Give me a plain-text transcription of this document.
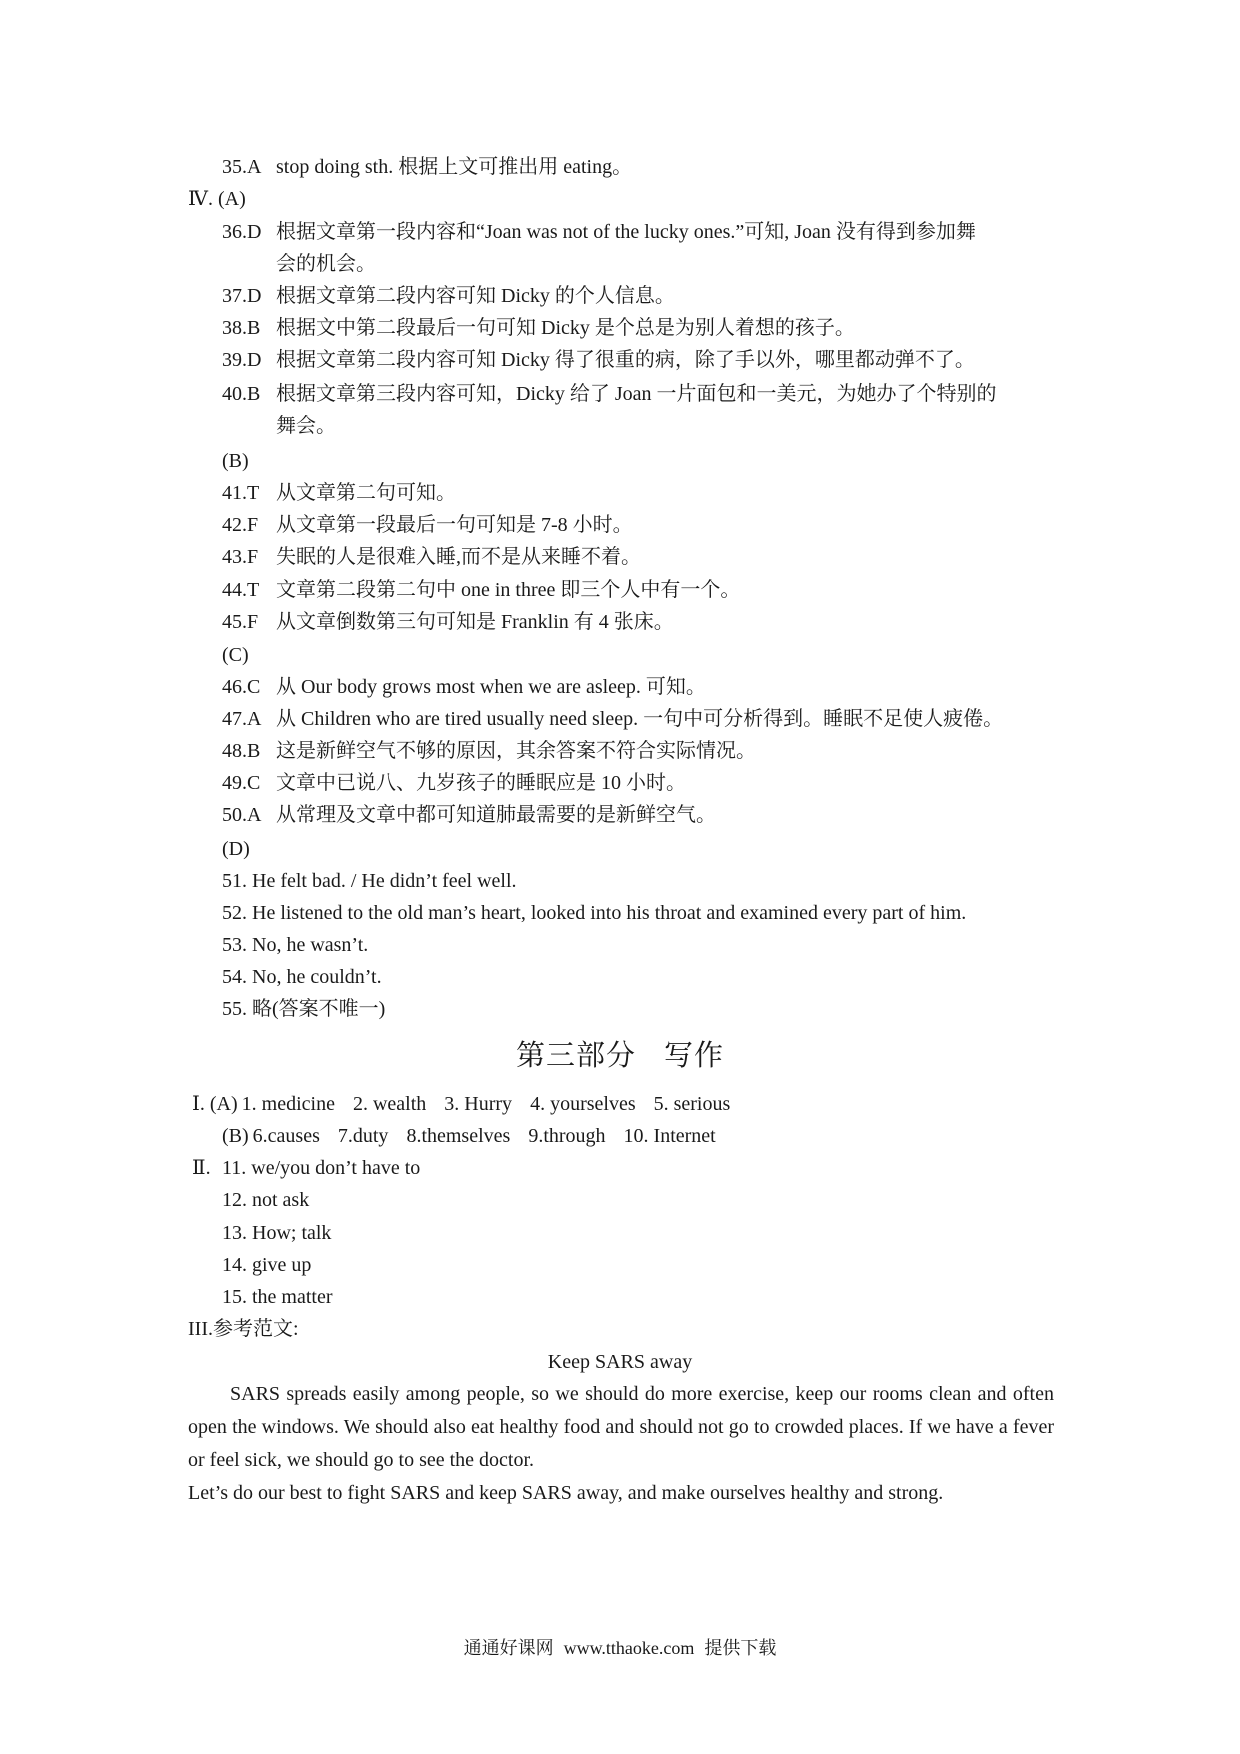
35.A stop doing sth. 根据上文可推出用 eating。
Ⅳ. (A)
36.D 根据文章第一段内容和“Joan was not of the lucky ones.”可知, Joan 没有得到参加舞
会的机会。
37.D 根据文章第二段内容可知 Dicky 的个人信息。
38.B 根据文中第二段最后一句可知 Dicky 是个总是为别人着想的孩子。
39.D 根据文章第二段内容可知 Dicky 得了很重的病，除了手以外，哪里都动弹不了。
40.B 根据文章第三段内容可知，Dicky 给了 Joan 一片面包和一美元，为她办了个特别的
舞会。
(B)
41.T 从文章第二句可知。
42.F 从文章第一段最后一句可知是 7-8 小时。
43.F 失眠的人是很难入睡,而不是从来睡不着。
44.T 文章第二段第二句中 one in three 即三个人中有一个。
45.F 从文章倒数第三句可知是 Franklin 有 4 张床。
(C)
46.C 从 Our body grows most when we are asleep. 可知。
47.A 从 Children who are tired usually need sleep. 一句中可分析得到。睡眠不足使人疲倦。
48.B 这是新鲜空气不够的原因，其余答案不符合实际情况。
49.C 文章中已说八、九岁孩子的睡眠应是 10 小时。
50.A 从常理及文章中都可知道肺最需要的是新鲜空气。
(D)
51. He felt bad. / He didn’t feel well.
52. He listened to the old man’s heart, looked into his throat and examined every part of him.
53. No, he wasn’t.
54. No, he couldn’t.
55. 略(答案不唯一)
第三部分 写作
Ⅰ. (A) 1. medicine 2. wealth 3. Hurry 4. yourselves 5. serious
(B) 6.causes 7.duty 8.themselves 9.through 10. Internet
Ⅱ. 11. we/you don’t have to
12. not ask
13. How; talk
14. give up
15. the matter
III.参考范文:
Keep SARS away

SARS spreads easily among people, so we should do more exercise, keep our rooms clean and often open the windows. We should also eat healthy food and should not go to crowded places. If we have a fever or feel sick, we should go to see the doctor.

Let’s do our best to fight SARS and keep SARS away, and make ourselves healthy and strong.

通通好课网 www.tthaoke.com 提供下载
